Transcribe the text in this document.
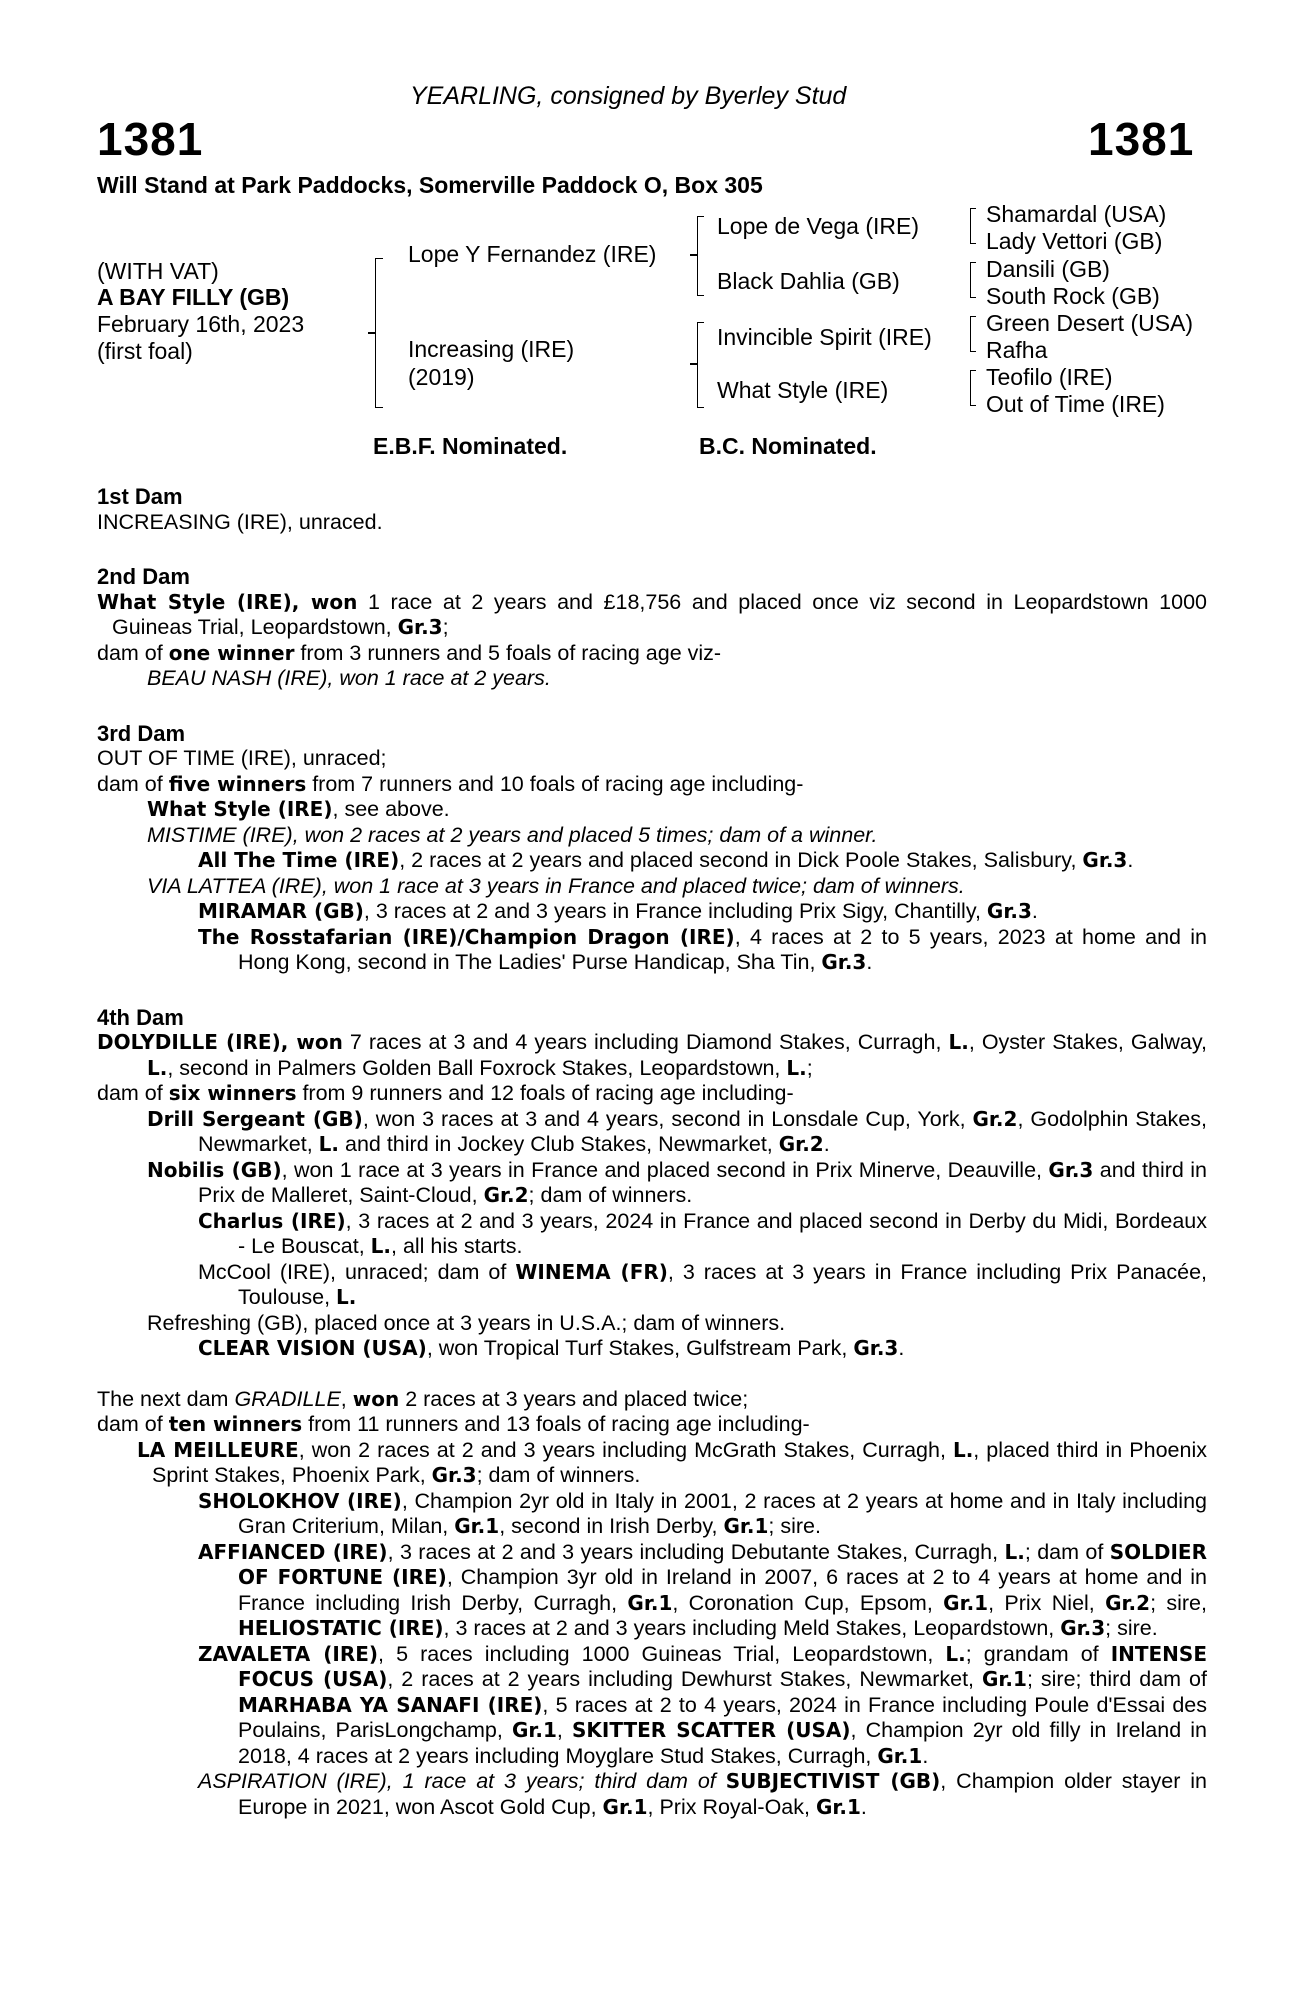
YEARLING, consigned by Byerley Stud
1381	1381
Will Stand at Park Paddocks, Somerville Paddock O, Box 305
(WITH VAT)
A BAY FILLY (GB)
February 16th, 2023
(first foal)
Lope Y Fernandez (IRE)
Increasing (IRE)
(2019)
Lope de Vega (IRE)
Black Dahlia (GB)
Invincible Spirit (IRE)
What Style (IRE)
Shamardal (USA)
Lady Vettori (GB)
Dansili (GB)
South Rock (GB)
Green Desert (USA)
Rafha
Teofilo (IRE)
Out of Time (IRE)
E.B.F. Nominated.	B.C. Nominated.
1st Dam

INCREASING (IRE), unraced.

2nd Dam

What Style (IRE), won 1 race at 2 years and £18,756 and placed once viz second in Leopardstown 1000 Guineas Trial, Leopardstown, Gr.3;

dam of one winner from 3 runners and 5 foals of racing age viz-

BEAU NASH (IRE), won 1 race at 2 years.

3rd Dam

OUT OF TIME (IRE), unraced;

dam of five winners from 7 runners and 10 foals of racing age including-

What Style (IRE), see above.

MISTIME (IRE), won 2 races at 2 years and placed 5 times; dam of a winner.

All The Time (IRE), 2 races at 2 years and placed second in Dick Poole Stakes, Salisbury, Gr.3.

VIA LATTEA (IRE), won 1 race at 3 years in France and placed twice; dam of winners.

MIRAMAR (GB), 3 races at 2 and 3 years in France including Prix Sigy, Chantilly, Gr.3.

The Rosstafarian (IRE)/Champion Dragon (IRE), 4 races at 2 to 5 years, 2023 at home and in Hong Kong, second in The Ladies' Purse Handicap, Sha Tin, Gr.3.

4th Dam

DOLYDILLE (IRE), won 7 races at 3 and 4 years including Diamond Stakes, Curragh, L., Oyster Stakes, Galway, L., second in Palmers Golden Ball Foxrock Stakes, Leopardstown, L.;

dam of six winners from 9 runners and 12 foals of racing age including-

Drill Sergeant (GB), won 3 races at 3 and 4 years, second in Lonsdale Cup, York, Gr.2, Godolphin Stakes, Newmarket, L. and third in Jockey Club Stakes, Newmarket, Gr.2.

Nobilis (GB), won 1 race at 3 years in France and placed second in Prix Minerve, Deauville, Gr.3 and third in Prix de Malleret, Saint-Cloud, Gr.2; dam of winners.

Charlus (IRE), 3 races at 2 and 3 years, 2024 in France and placed second in Derby du Midi, Bordeaux - Le Bouscat, L., all his starts.

McCool (IRE), unraced; dam of WINEMA (FR), 3 races at 3 years in France including Prix Panacée, Toulouse, L.

Refreshing (GB), placed once at 3 years in U.S.A.; dam of winners.

CLEAR VISION (USA), won Tropical Turf Stakes, Gulfstream Park, Gr.3.

The next dam GRADILLE, won 2 races at 3 years and placed twice;

dam of ten winners from 11 runners and 13 foals of racing age including-

LA MEILLEURE, won 2 races at 2 and 3 years including McGrath Stakes, Curragh, L., placed third in Phoenix Sprint Stakes, Phoenix Park, Gr.3; dam of winners.

SHOLOKHOV (IRE), Champion 2yr old in Italy in 2001, 2 races at 2 years at home and in Italy including Gran Criterium, Milan, Gr.1, second in Irish Derby, Gr.1; sire.

AFFIANCED (IRE), 3 races at 2 and 3 years including Debutante Stakes, Curragh, L.; dam of SOLDIER OF FORTUNE (IRE), Champion 3yr old in Ireland in 2007, 6 races at 2 to 4 years at home and in France including Irish Derby, Curragh, Gr.1, Coronation Cup, Epsom, Gr.1, Prix Niel, Gr.2; sire, HELIOSTATIC (IRE), 3 races at 2 and 3 years including Meld Stakes, Leopardstown, Gr.3; sire.

ZAVALETA (IRE), 5 races including 1000 Guineas Trial, Leopardstown, L.; grandam of INTENSE FOCUS (USA), 2 races at 2 years including Dewhurst Stakes, Newmarket, Gr.1; sire; third dam of MARHABA YA SANAFI (IRE), 5 races at 2 to 4 years, 2024 in France including Poule d'Essai des Poulains, ParisLongchamp, Gr.1, SKITTER SCATTER (USA), Champion 2yr old filly in Ireland in 2018, 4 races at 2 years including Moyglare Stud Stakes, Curragh, Gr.1.

ASPIRATION (IRE), 1 race at 3 years; third dam of SUBJECTIVIST (GB), Champion older stayer in Europe in 2021, won Ascot Gold Cup, Gr.1, Prix Royal-Oak, Gr.1.
